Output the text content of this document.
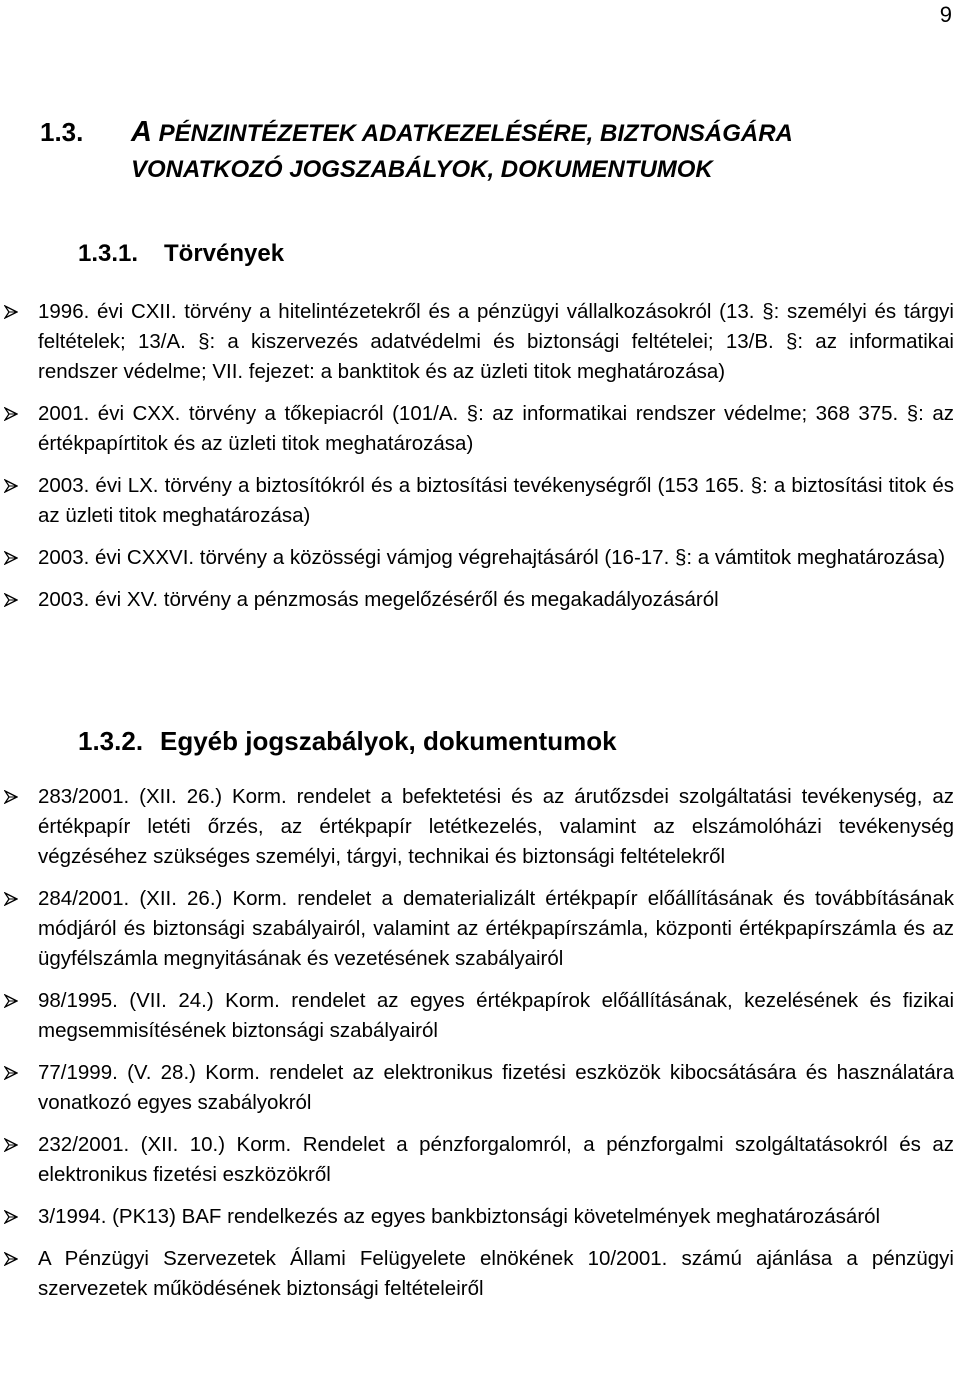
9
1.3.	A PÉNZINTÉZETEK ADATKEZELÉSÉRE, BIZTONSÁGÁRA
VONATKOZÓ JOGSZABÁLYOK, DOKUMENTUMOK
1.3.1. Törvények
1996. évi CXII. törvény a hitelintézetekről és a pénzügyi vállalkozásokról (13. §: személyi és tárgyi feltételek; 13/A. §: a kiszervezés adatvédelmi és biztonsági feltételei; 13/B. §: az informatikai rendszer védelme; VII. fejezet: a banktitok és az üzleti titok meghatározása)
2001. évi CXX. törvény a tőkepiacról (101/A. §: az informatikai rendszer védelme; 368 375. §: az értékpapírtitok és az üzleti titok meghatározása)
2003. évi LX. törvény a biztosítókról és a biztosítási tevékenységről (153 165. §: a biztosítási titok és az üzleti titok meghatározása)
2003. évi CXXVI. törvény a közösségi vámjog végrehajtásáról (16-17. §: a vámtitok meghatározása)
2003. évi XV. törvény a pénzmosás megelőzéséről és megakadályozásáról
1.3.2. Egyéb jogszabályok, dokumentumok
283/2001. (XII. 26.) Korm. rendelet a befektetési és az árutőzsdei szolgáltatási tevékenység, az értékpapír letéti őrzés, az értékpapír letétkezelés, valamint az elszámolóházi tevékenység végzéséhez szükséges személyi, tárgyi, technikai és biztonsági feltételekről
284/2001. (XII. 26.) Korm. rendelet a dematerializált értékpapír előállításának és továbbításának módjáról és biztonsági szabályairól, valamint az értékpapírszámla, központi értékpapírszámla és az ügyfélszámla megnyitásának és vezetésének szabályairól
98/1995. (VII. 24.) Korm. rendelet az egyes értékpapírok előállításának, kezelésének és fizikai megsemmisítésének biztonsági szabályairól
77/1999. (V. 28.) Korm. rendelet az elektronikus fizetési eszközök kibocsátására és használatára vonatkozó egyes szabályokról
232/2001. (XII. 10.) Korm. Rendelet a pénzforgalomról, a pénzforgalmi szolgáltatásokról és az elektronikus fizetési eszközökről
3/1994. (PK13) BAF rendelkezés az egyes bankbiztonsági követelmények meghatározásáról
A Pénzügyi Szervezetek Állami Felügyelete elnökének 10/2001. számú ajánlása a pénzügyi szervezetek működésének biztonsági feltételeiről
